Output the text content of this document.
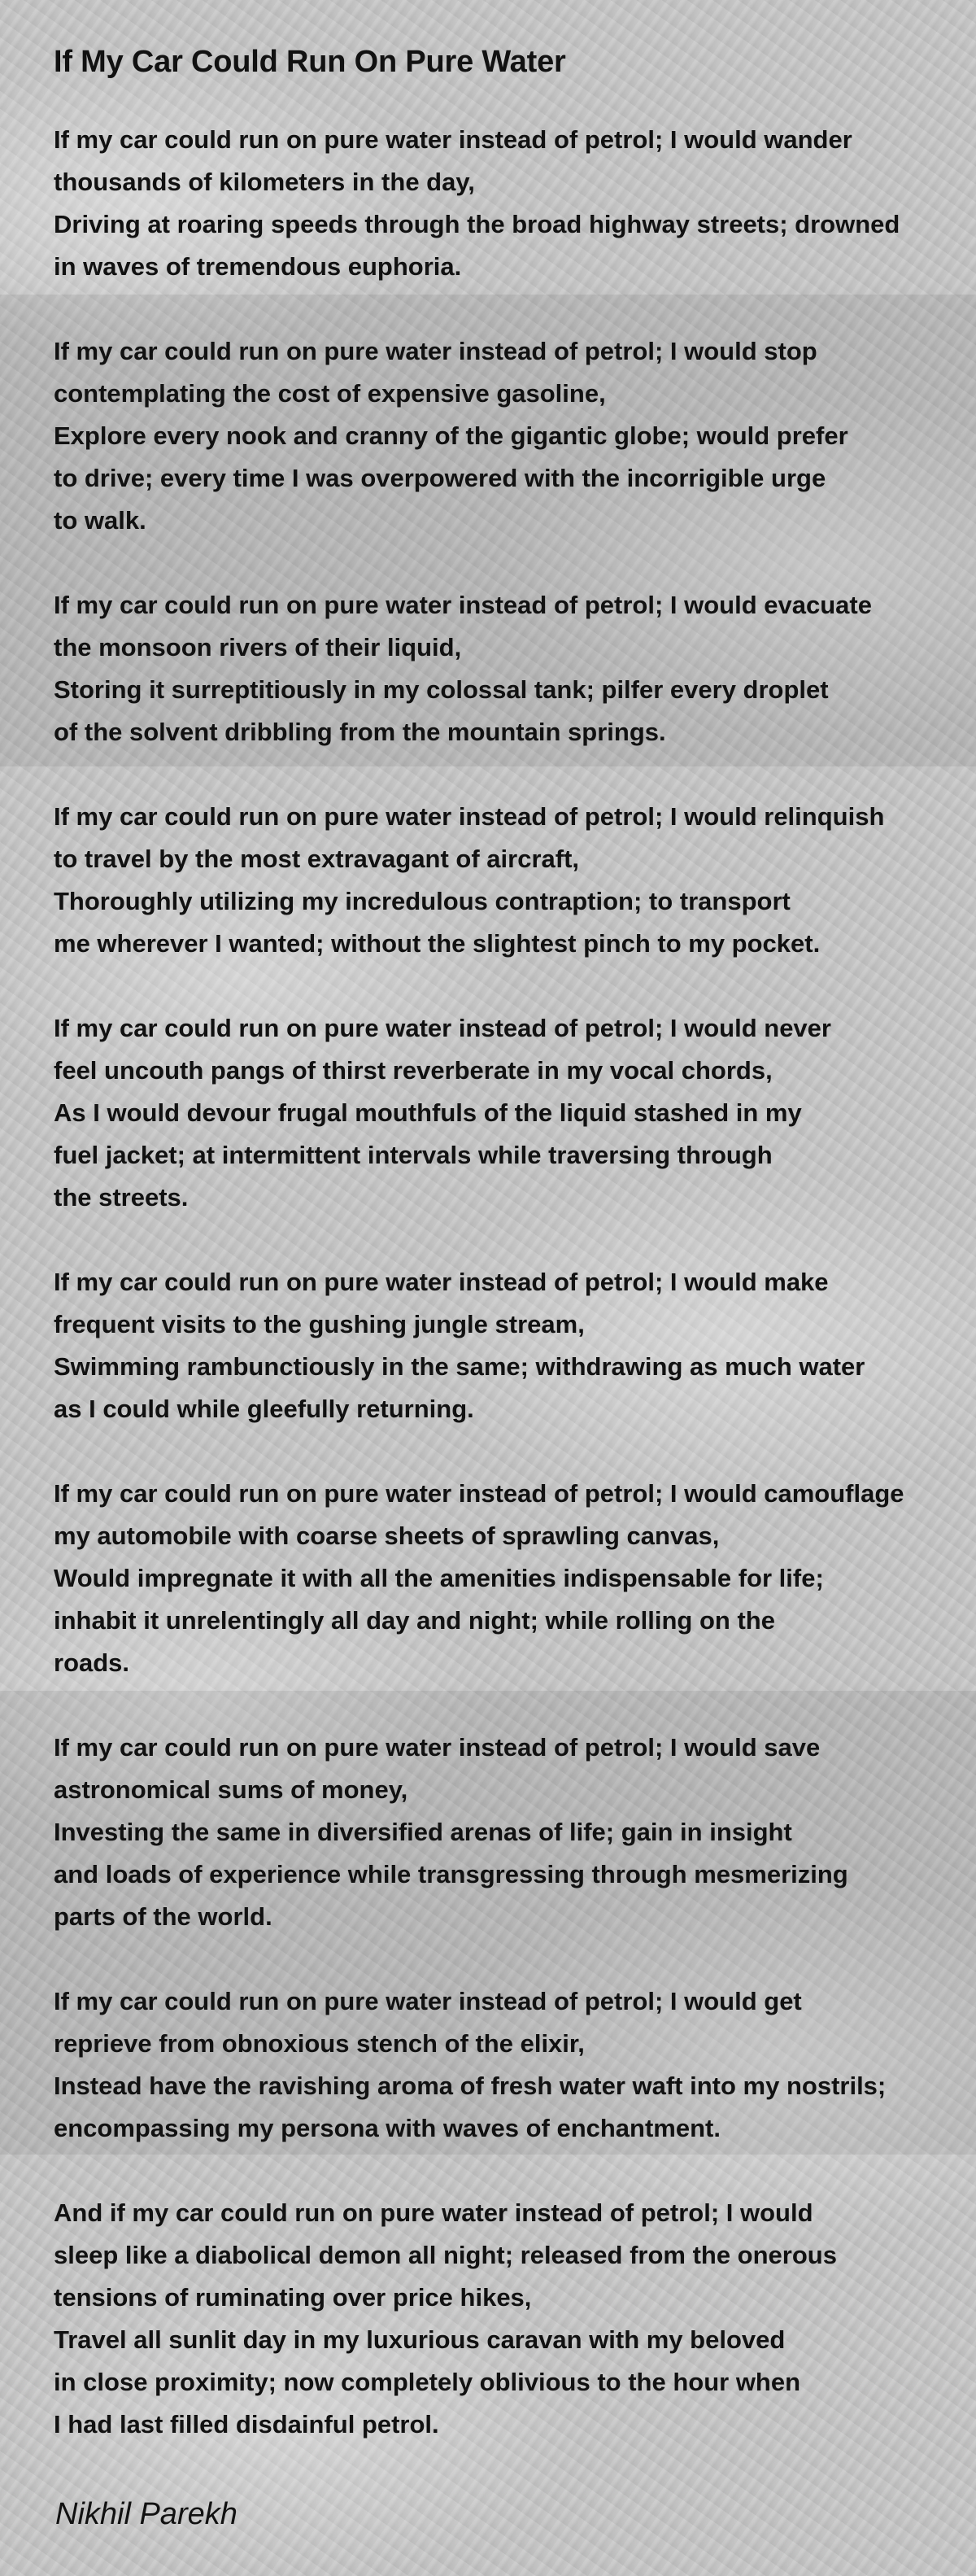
If My Car Could Run On Pure Water

If my car could run on pure water instead of petrol; I would wander
thousands of kilometers in the day,
Driving at roaring speeds through the broad highway streets; drowned
in waves of tremendous euphoria.

If my car could run on pure water instead of petrol; I would stop
contemplating the cost of expensive gasoline,
Explore every nook and cranny of the gigantic globe; would prefer
to drive; every time I was overpowered with the incorrigible urge
to walk.

If my car could run on pure water instead of petrol; I would evacuate
the monsoon rivers of their liquid,
Storing it surreptitiously in my colossal tank; pilfer every droplet
of the solvent dribbling from the mountain springs.

If my car could run on pure water instead of petrol; I would relinquish
to travel by the most extravagant of aircraft,
Thoroughly utilizing my incredulous contraption; to transport
me wherever I wanted; without the slightest pinch to my pocket.

If my car could run on pure water instead of petrol; I would never
feel uncouth pangs of thirst reverberate in my vocal chords,
As I would devour frugal mouthfuls of the liquid stashed in my
fuel jacket; at intermittent intervals while traversing through
the streets.

If my car could run on pure water instead of petrol; I would make
frequent visits to the gushing jungle stream,
Swimming rambunctiously in the same; withdrawing as much water
as I could while gleefully returning.

If my car could run on pure water instead of petrol; I would camouflage
my automobile with coarse sheets of sprawling canvas,
Would impregnate it with all the amenities indispensable for life;
inhabit it unrelentingly all day and night; while rolling on the
roads.

If my car could run on pure water instead of petrol; I would save
astronomical sums of money,
Investing the same in diversified arenas of life; gain in insight
and loads of experience while transgressing through mesmerizing
parts of the world.

If my car could run on pure water instead of petrol; I would get
reprieve from obnoxious stench of the elixir,
Instead have the ravishing aroma of fresh water waft into my nostrils;
encompassing my persona with waves of enchantment.

And if my car could run on pure water instead of petrol; I would
sleep like a diabolical demon all night; released from the onerous
tensions of ruminating over price hikes,
Travel all sunlit day in my luxurious caravan with my beloved
in close proximity; now completely oblivious to the hour when
I had last filled disdainful petrol.

Nikhil Parekh
